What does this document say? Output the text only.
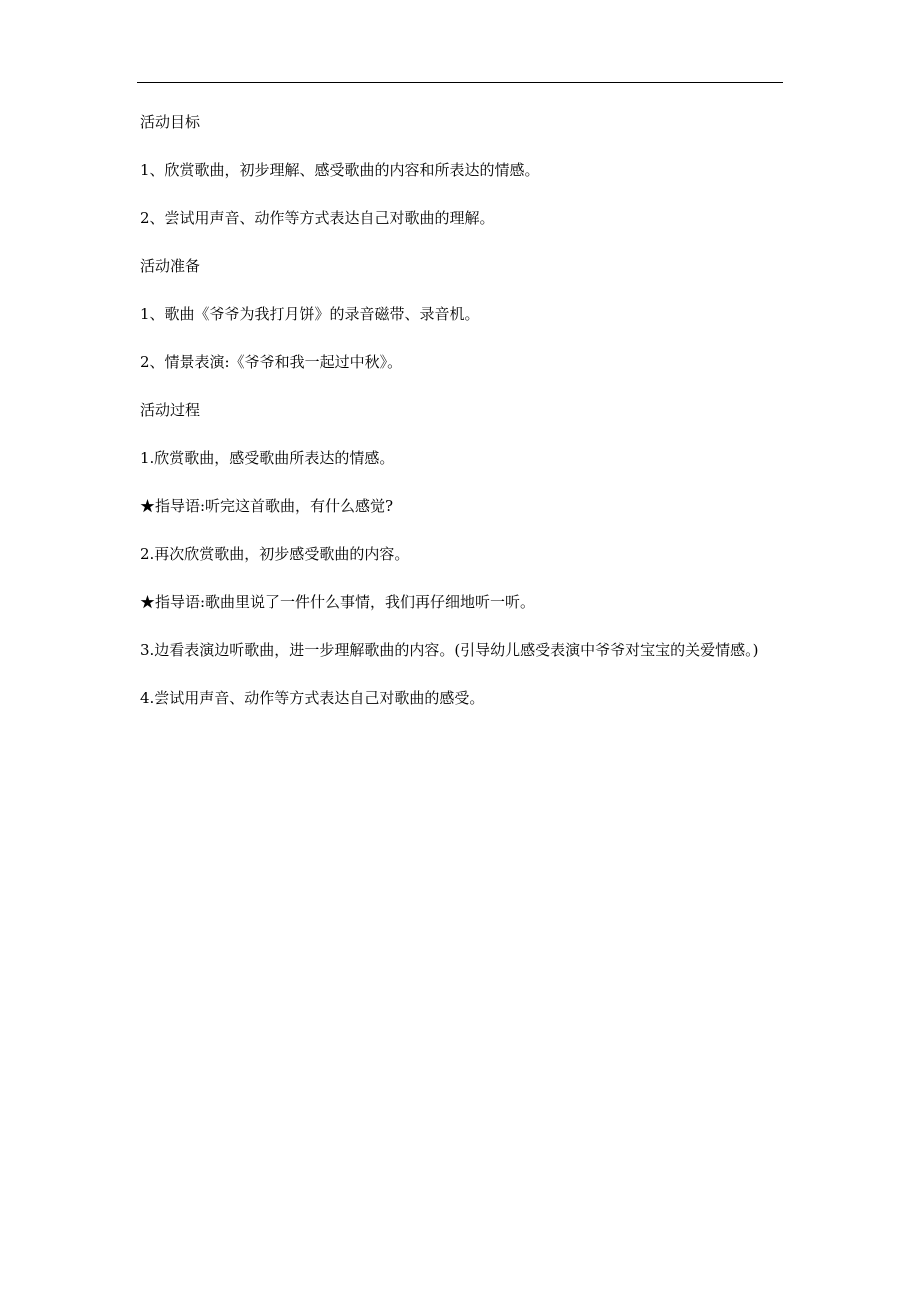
活动目标
1、欣赏歌曲，初步理解、感受歌曲的内容和所表达的情感。
2、尝试用声音、动作等方式表达自己对歌曲的理解。
活动准备
1、歌曲《爷爷为我打月饼》的录音磁带、录音机。
2、情景表演:《爷爷和我一起过中秋》。
活动过程
1.欣赏歌曲，感受歌曲所表达的情感。
★指导语:听完这首歌曲，有什么感觉?
2.再次欣赏歌曲，初步感受歌曲的内容。
★指导语:歌曲里说了一件什么事情，我们再仔细地听一听。
3.边看表演边听歌曲，进一步理解歌曲的内容。(引导幼儿感受表演中爷爷对宝宝的关爱情感。)
4.尝试用声音、动作等方式表达自己对歌曲的感受。
